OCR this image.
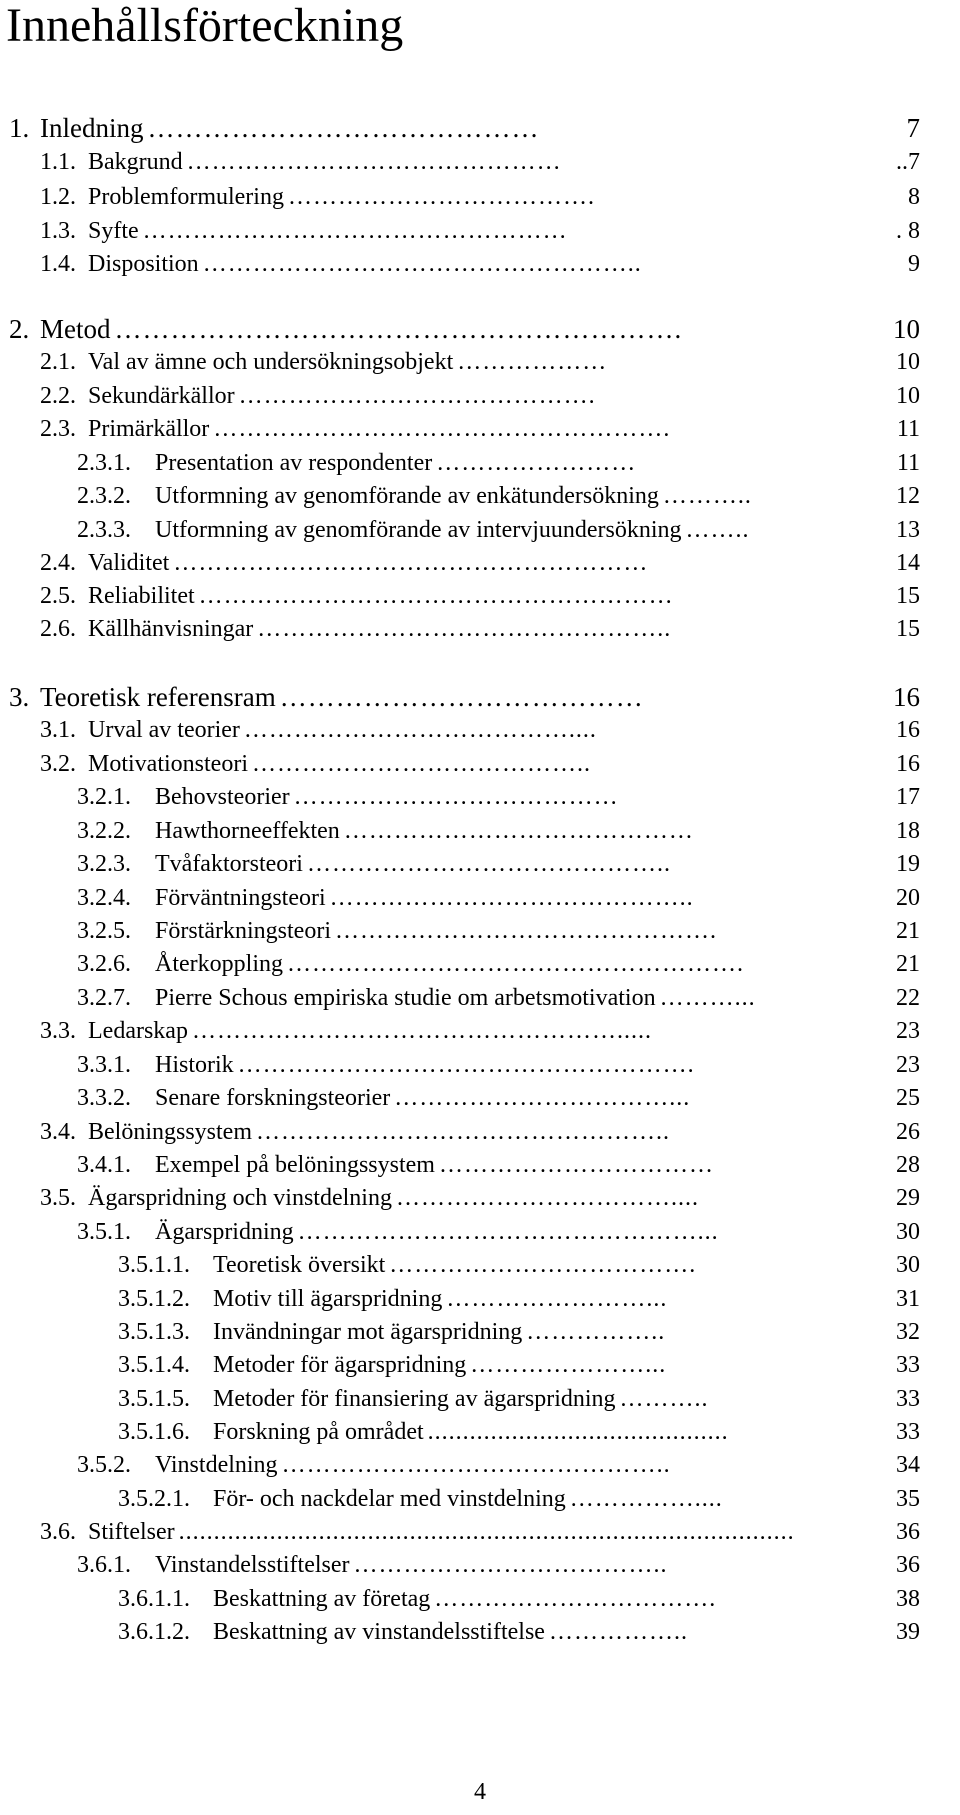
Innehållsförteckning
1. Inledning ……………………………………	7
1.1. Bakgrund ………………………………………	..7
1.2. Problemformulering ……………………………….	8
1.3. Syfte ……………………………………………	. 8
1.4. Disposition ……………………………………………..	9
2. Metod …………………………………………………….	10
2.1. Val av ämne och undersökningsobjekt ………………	10
2.2. Sekundärkällor …………………………………….	10
2.3. Primärkällor ……………………………………………….	11
2.3.1. Presentation av respondenter ……………………	11
2.3.2. Utformning av genomförande av enkätundersökning ………..	12
2.3.3. Utformning av genomförande av intervjuundersökning ……..	13
2.4. Validitet …………………………………………………	14
2.5. Reliabilitet …………………………………………………	15
2.6. Källhänvisningar …………………………………………..	15
3. Teoretisk referensram …………………………………	16
3.1. Urval av teorier …………………………………....	16
3.2. Motivationsteori …………………………………..	16
3.2.1. Behovsteorier …………………………………	17
3.2.2. Hawthorneeffekten ……………………………………	18
3.2.3. Tvåfaktorsteori ……………………………………..	19
3.2.4. Förväntningsteori ……………………………………..	20
3.2.5. Förstärkningsteori ……………………………………….	21
3.2.6. Återkoppling ……………………………………………….	21
3.2.7. Pierre Schous empiriska studie om arbetsmotivation ………...	22
3.3. Ledarskap …………………………………………….....	23
3.3.1. Historik ……………………………………………….	23
3.3.2. Senare forskningsteorier ……………………………...	25
3.4. Belöningssystem …………………………………………..	26
3.4.1. Exempel på belöningssystem ……………………………	28
3.5. Ägarspridning och vinstdelning ……………………………....	29
3.5.1. Ägarspridning …………………………………………...	30
3.5.1.1. Teoretisk översikt ……………………………….	30
3.5.1.2. Motiv till ägarspridning ……………………...	31
3.5.1.3. Invändningar mot ägarspridning ……………..	32
3.5.1.4. Metoder för ägarspridning …………………...	33
3.5.1.5. Metoder för finansiering av ägarspridning ………..	33
3.5.1.6. Forskning på området ...........................................	33
3.5.2. Vinstdelning ………………………………………..	34
3.5.2.1. För- och nackdelar med vinstdelning ……………....	35
3.6. Stiftelser ........................................................................................	36
3.6.1. Vinstandelsstiftelser ………………………………..	36
3.6.1.1. Beskattning av företag …………………………….	38
3.6.1.2. Beskattning av vinstandelsstiftelse ……………..	39
4
